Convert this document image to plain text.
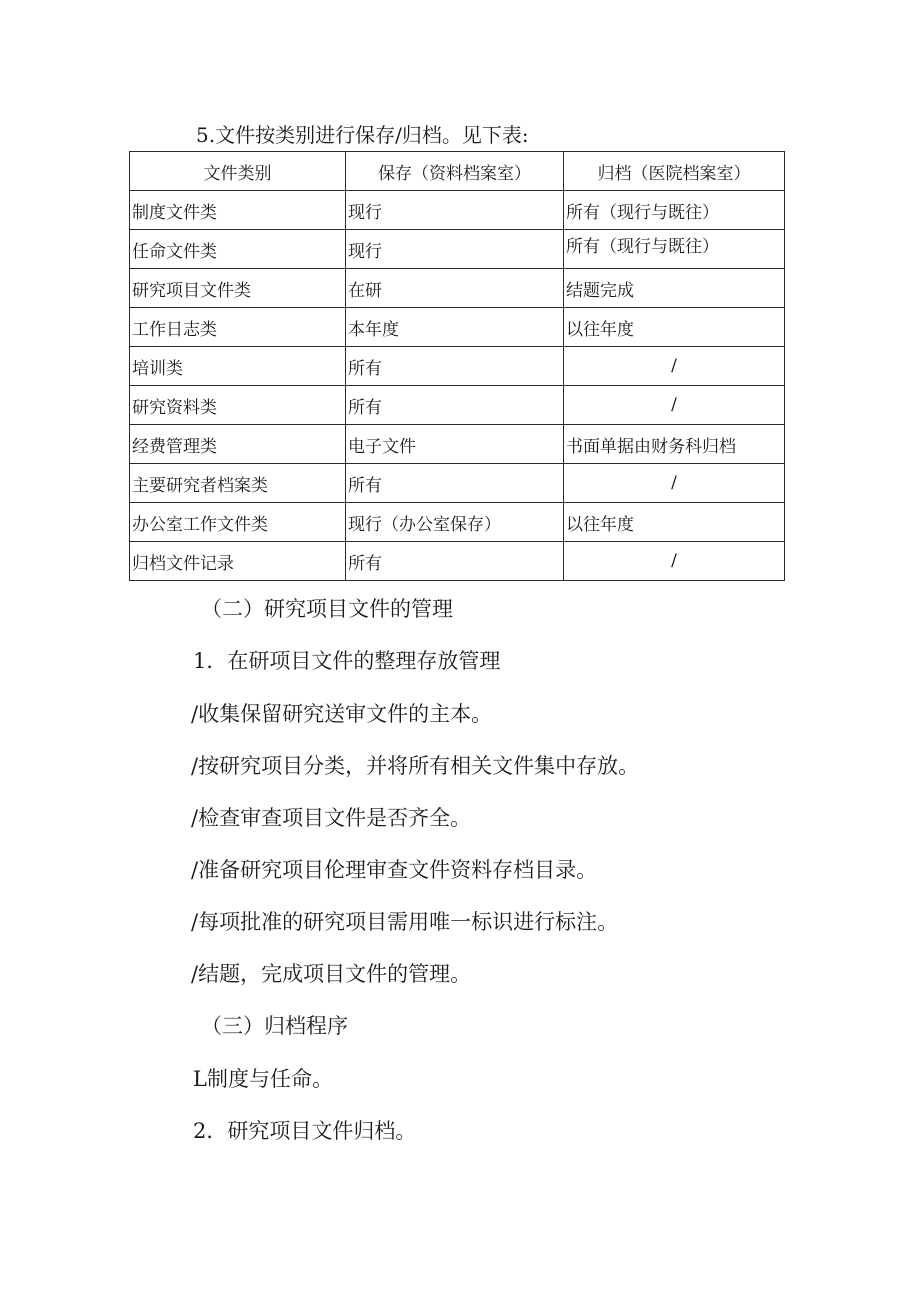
5.文件按类别进行保存/归档。见下表:
文件类别	保存（资料档案室）	归档（医院档案室）
制度文件类	现行	所有（现行与既往）
任命文件类	现行	所有（现行与既往）
研究项目文件类	在研	结题完成
工作日志类	本年度	以往年度
培训类	所有	/
研究资料类	所有	/
经费管理类	电子文件	书面单据由财务科归档
主要研究者档案类	所有	/
办公室工作文件类	现行（办公室保存）	以往年度
归档文件记录	所有	/
（二）研究项目文件的管理
1．在研项目文件的整理存放管理
/收集保留研究送审文件的主本。
/按研究项目分类，并将所有相关文件集中存放。
/检查审查项目文件是否齐全。
/准备研究项目伦理审查文件资料存档目录。
/每项批准的研究项目需用唯一标识进行标注。
/结题，完成项目文件的管理。
（三）归档程序
L制度与任命。
2．研究项目文件归档。
